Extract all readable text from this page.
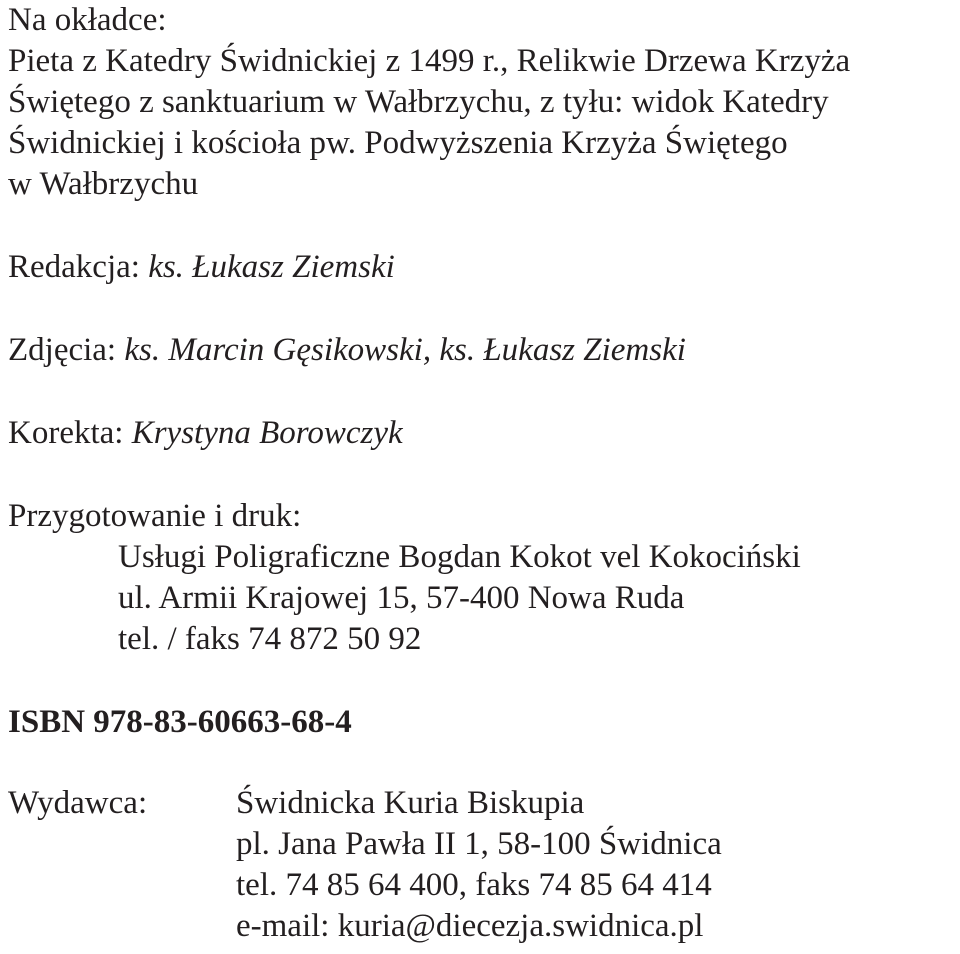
Na okładce:
Pieta z Katedry Świdnickiej z 1499 r., Relikwie Drzewa Krzyża
Świętego z sanktuarium w Wałbrzychu, z tyłu: widok Katedry
Świdnickiej i kościoła pw. Podwyższenia Krzyża Świętego
w Wałbrzychu
Redakcja: ks. Łukasz Ziemski
Zdjęcia: ks. Marcin Gęsikowski, ks. Łukasz Ziemski
Korekta: Krystyna Borowczyk
Przygotowanie i druk:
Usługi Poligraficzne Bogdan Kokot vel Kokociński
ul. Armii Krajowej 15, 57-400 Nowa Ruda
tel. / faks 74 872 50 92
ISBN 978-83-60663-68-4
Wydawca:	Świdnicka Kuria Biskupia
pl. Jana Pawła II 1, 58-100 Świdnica
tel. 74 85 64 400, faks 74 85 64 414
e-mail: kuria@diecezja.swidnica.pl
